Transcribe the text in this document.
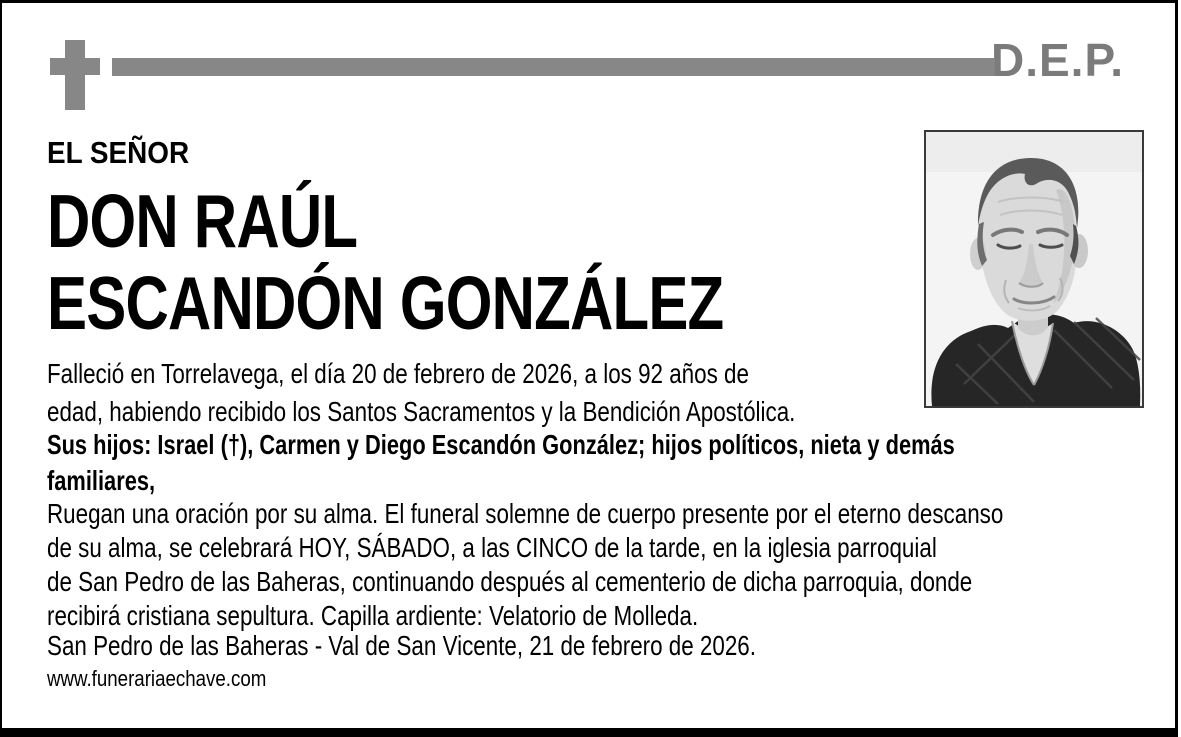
D.E.P.
EL SEÑOR
DON RAÚL
ESCANDÓN GONZÁLEZ
Falleció en Torrelavega, el día 20 de febrero de 2026, a los 92 años de
edad, habiendo recibido los Santos Sacramentos y la Bendición Apostólica.
Sus hijos: Israel (†), Carmen y Diego Escandón González; hijos políticos, nieta y demás
familiares,
Ruegan una oración por su alma. El funeral solemne de cuerpo presente por el eterno descanso
de su alma, se celebrará HOY, SÁBADO, a las CINCO de la tarde, en la iglesia parroquial
de San Pedro de las Baheras, continuando después al cementerio de dicha parroquia, donde
recibirá cristiana sepultura. Capilla ardiente: Velatorio de Molleda.
San Pedro de las Baheras - Val de San Vicente, 21 de febrero de 2026.
www.funerariaechave.com
